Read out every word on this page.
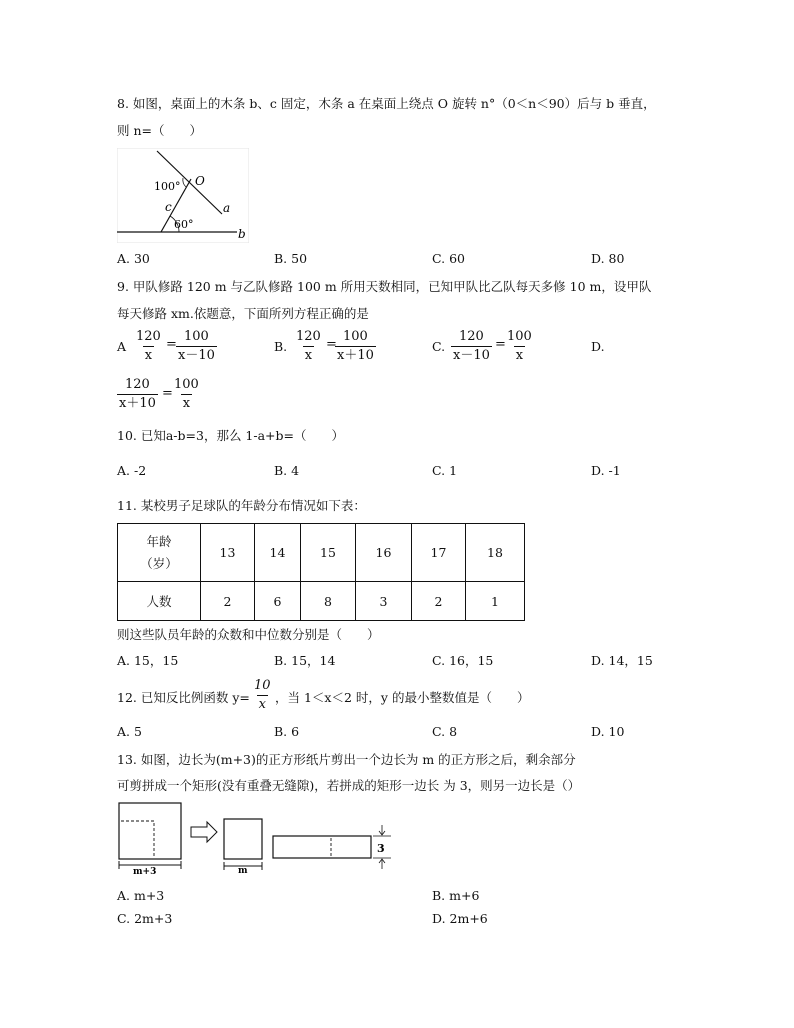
8. 如图，桌面上的木条 b、c 固定，木条 a 在桌面上绕点 O 旋转 n°（0＜n＜90）后与 b 垂直，
则 n=（　　）
100°
60°
O
a
b
c
A. 30	B. 50	C. 60	D. 80
9. 甲队修路 120 m 与乙队修路 100 m 所用天数相同，已知甲队比乙队每天多修 10 m，设甲队
每天修路 xm.依题意，下面所列方程正确的是
A $\frac{120}{x} = \frac{100}{x-10}$	B. $\frac{120}{x}$ =
$\frac{100}{x+10}$	C. $\frac{120}{x-10} = \frac{100}{x}$	D.
$\frac{120}{x+10} = \frac{100}{x}$
10. 已知a-b=3，那么 1-a+b=（　　）
A. -2	B. 4	C. 1	D. -1
11. 某校男子足球队的年龄分布情况如下表：
年龄
（岁）	13	14	15	16	17	18
人数	2	6	8	3	2	1
则这些队员年龄的众数和中位数分别是（　　）
A. 15，15	B. 15，14	C. 16，15	D. 14，15
12. 已知反比例函数 $y= \frac{10}{x}$ ，当 1＜x＜2 时，y 的最小整数值是（　　）
A. 5	B. 6	C. 8	D. 10
13. 如图，边长为(m+3)的正方形纸片剪出一个边长为 m 的正方形之后，剩余部分
可剪拼成一个矩形(没有重叠无缝隙)，若拼成的矩形一边长 为 3，则另一边长是（）
m+3	m
3
A. m+3	B. m+6
C. 2m+3	D. 2m+6
